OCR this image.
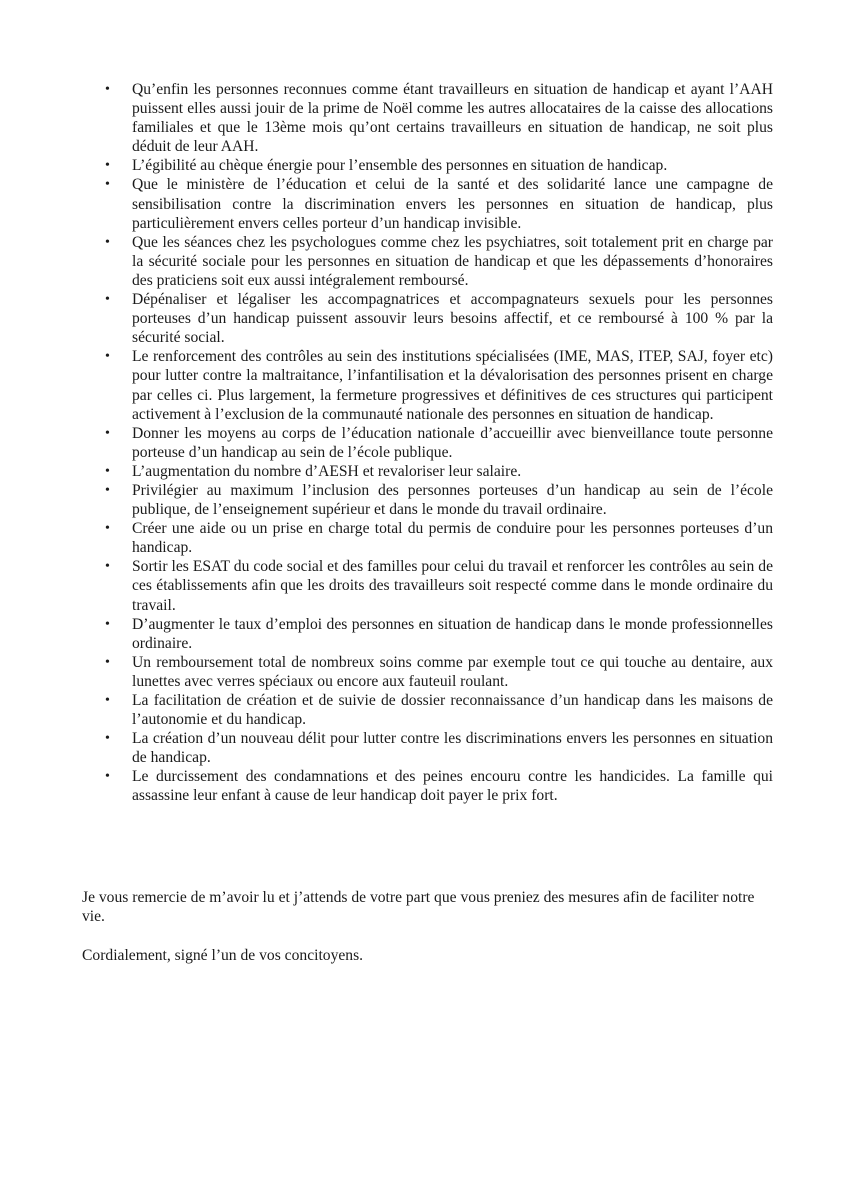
•	Qu’enfin les personnes reconnues comme étant travailleurs en situation de handicap et ayant l’AAH puissent elles aussi jouir de la prime de Noël comme les autres allocataires de la caisse des allocations familiales et que le 13ème mois qu’ont certains travailleurs en situation de handicap, ne soit plus déduit de leur AAH.
•	L’égibilité au chèque énergie pour l’ensemble des personnes en situation de handicap.
•	Que le ministère de l’éducation et celui de la santé et des solidarité lance une campagne de sensibilisation contre la discrimination envers les personnes en situation de handicap, plus particulièrement envers celles porteur d’un handicap invisible.
•	Que les séances chez les psychologues comme chez les psychiatres, soit totalement prit en charge par la sécurité sociale pour les personnes en situation de handicap et que les dépassements d’honoraires des praticiens soit eux aussi intégralement remboursé.
•	Dépénaliser et légaliser les accompagnatrices et accompagnateurs sexuels pour les personnes porteuses d’un handicap puissent assouvir leurs besoins affectif, et ce remboursé à 100 % par la sécurité social.
•	Le renforcement des contrôles au sein des institutions spécialisées (IME, MAS, ITEP, SAJ, foyer etc) pour lutter contre la maltraitance, l’infantilisation et la dévalorisation des personnes prisent en charge par celles ci. Plus largement, la fermeture progressives et définitives de ces structures qui participent activement à l’exclusion de la communauté nationale des personnes en situation de handicap.
•	Donner les moyens au corps de l’éducation nationale d’accueillir avec bienveillance toute personne porteuse d’un handicap au sein de l’école publique.
•	L’augmentation du nombre d’AESH et revaloriser leur salaire.
•	Privilégier au maximum l’inclusion des personnes porteuses d’un handicap au sein de l’école publique, de l’enseignement supérieur et dans le monde du travail ordinaire.
•	Créer une aide ou un prise en charge total du permis de conduire pour les personnes porteuses d’un handicap.
•	Sortir les ESAT du code social et des familles pour celui du travail et renforcer les contrôles au sein de ces établissements afin que les droits des travailleurs soit respecté comme dans le monde ordinaire du travail.
•	D’augmenter le taux d’emploi des personnes en situation de handicap dans le monde professionnelles ordinaire.
•	Un remboursement total de nombreux soins comme par exemple tout ce qui touche au dentaire, aux lunettes avec verres spéciaux ou encore aux fauteuil roulant.
•	La facilitation de création et de suivie de dossier reconnaissance d’un handicap dans les maisons de l’autonomie et du handicap.
•	La création d’un nouveau délit pour lutter contre les discriminations envers les personnes en situation de handicap.
•	Le durcissement des condamnations et des peines encouru contre les handicides. La famille qui assassine leur enfant à cause de leur handicap doit payer le prix fort.

Je vous remercie de m’avoir lu et j’attends de votre part que vous preniez des mesures afin de faciliter notre vie.

Cordialement, signé l’un de vos concitoyens.
